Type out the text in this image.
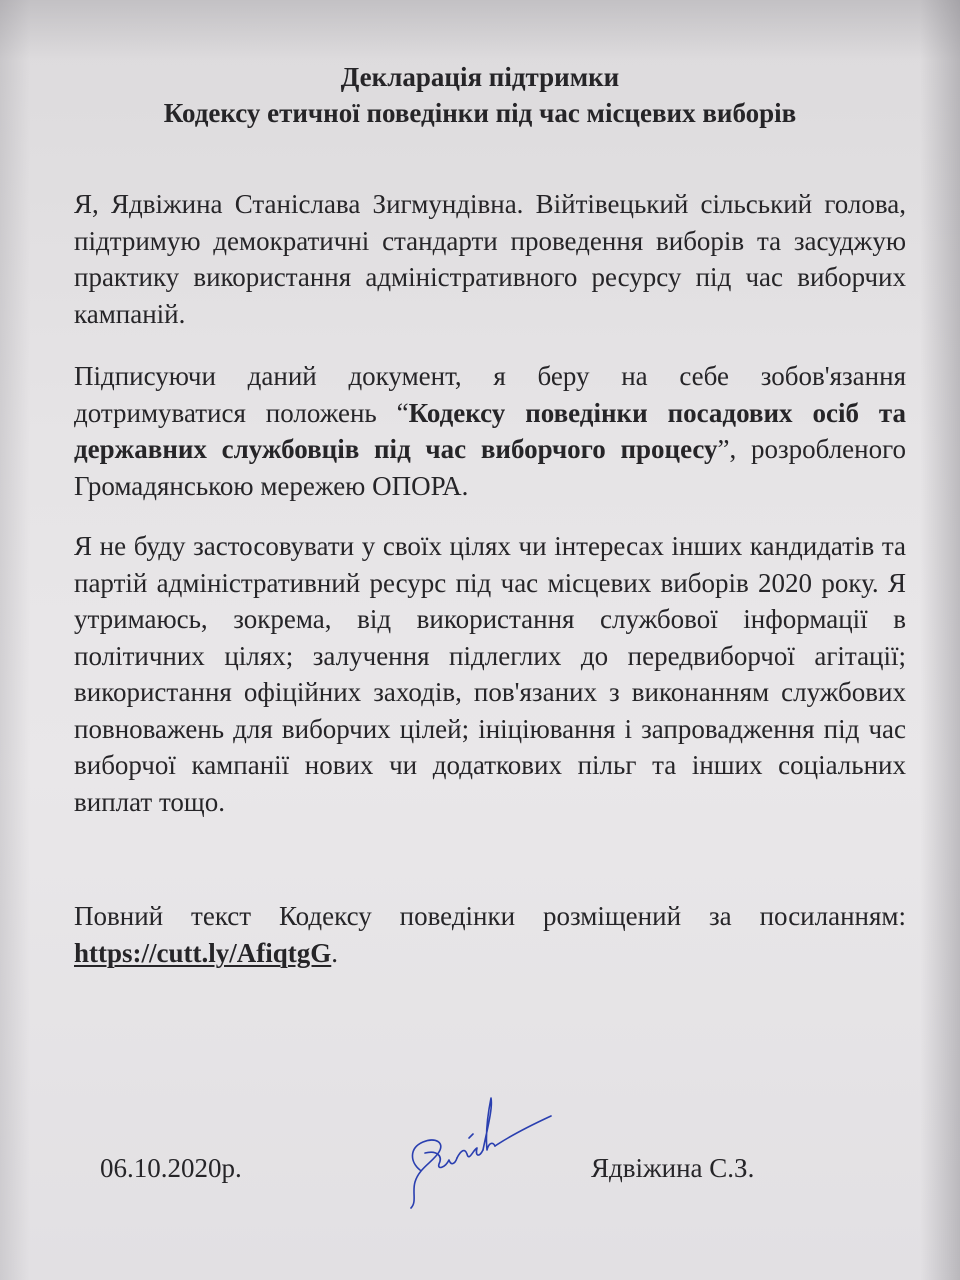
Декларація підтримки
Кодексу етичної поведінки під час місцевих виборів
Я, Ядвіжина Станіслава Зигмундівна. Війтівецький сільський голова, підтримую демократичні стандарти проведення виборів та засуджую практику використання адміністративного ресурсу під час виборчих кампаній.
Підписуючи даний документ, я беру на себе зобов'язання дотримуватися положень “Кодексу поведінки посадових осіб та державних службовців під час виборчого процесу”, розробленого Громадянською мережею ОПОРА.
Я не буду застосовувати у своїх цілях чи інтересах інших кандидатів та партій адміністративний ресурс під час місцевих виборів 2020 року. Я утримаюсь, зокрема, від використання службової інформації в політичних цілях; залучення підлеглих до передвиборчої агітації; використання офіційних заходів, пов'язаних з виконанням службових повноважень для виборчих цілей; ініціювання і запровадження під час виборчої кампанії нових чи додаткових пільг та інших соціальних виплат тощо.
Повний текст Кодексу поведінки розміщений за посиланням: https://cutt.ly/AfiqtgG.
06.10.2020р.	Ядвіжина С.З.
